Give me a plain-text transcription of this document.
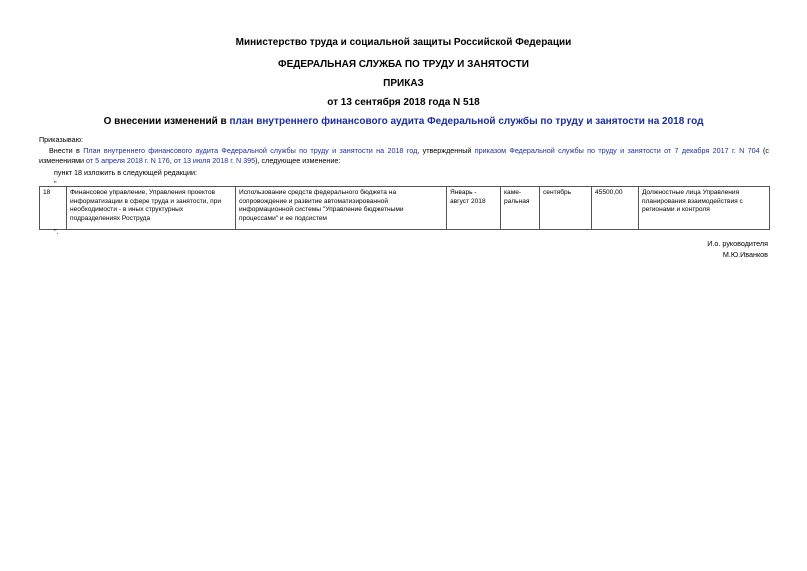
Министерство труда и социальной защиты Российской Федерации
ФЕДЕРАЛЬНАЯ СЛУЖБА ПО ТРУДУ И ЗАНЯТОСТИ
ПРИКАЗ
от 13 сентября 2018 года N 518
О внесении изменений в план внутреннего финансового аудита Федеральной службы по труду и занятости на 2018 год
Приказываю:
Внести в План внутреннего финансового аудита Федеральной службы по труду и занятости на 2018 год, утвержденный приказом Федеральной службы по труду и занятости от 7 декабря 2017 г. N 704 (с изменениями от 5 апреля 2018 г. N 176, от 13 июля 2018 г. N 395), следующее изменение:
пункт 18 изложить в следующей редакции:
"
18	Финансовое управление, Управления проектов информатизации в сфере труда и занятости, при необходимости - в иных структурных подразделениях Роструда	Использование средств федерального бюджета на сопровождение и развитие автоматизированной информационной системы "Управление бюджетными процессами" и ее подсистем	Январь - август 2018	каме-ральная	сентябрь	45500,00	Должностные лица Управления планирования взаимодействия с регионами и контроля
".
И.о. руководителя
М.Ю.Иванков
